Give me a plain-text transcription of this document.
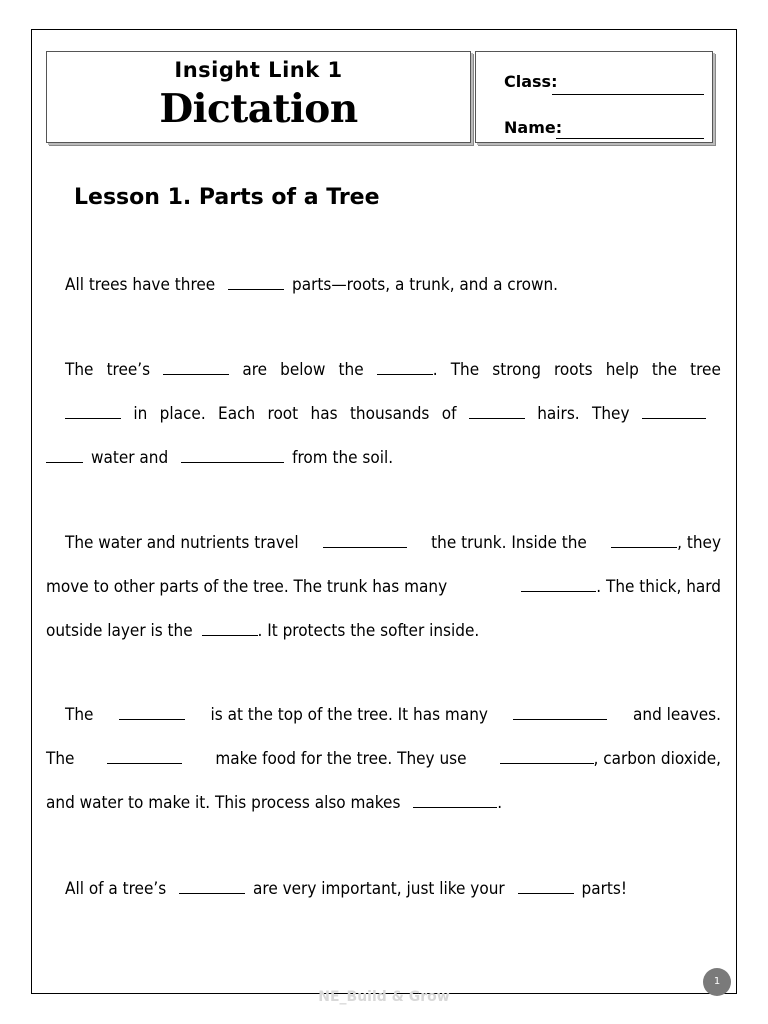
Insight Link 1
Dictation
Class:
Name:
Lesson 1. Parts of a Tree
All trees have three	parts—roots, a trunk, and a crown.
The tree’s	are below the	. The strong roots help the tree
in place. Each root has thousands of	hairs. They
water and	from the soil.
The water and nutrients travel	the trunk. Inside the	, they
move to other parts of the tree. The trunk has many	. The thick, hard
outside layer is the	. It protects the softer inside.
The	is at the top of the tree. It has many	and leaves.
The	make food for the tree. They use	, carbon dioxide,
and water to make it. This process also makes	.
All of a tree’s	are very important, just like your	parts!
NE_Build & Grow
1
